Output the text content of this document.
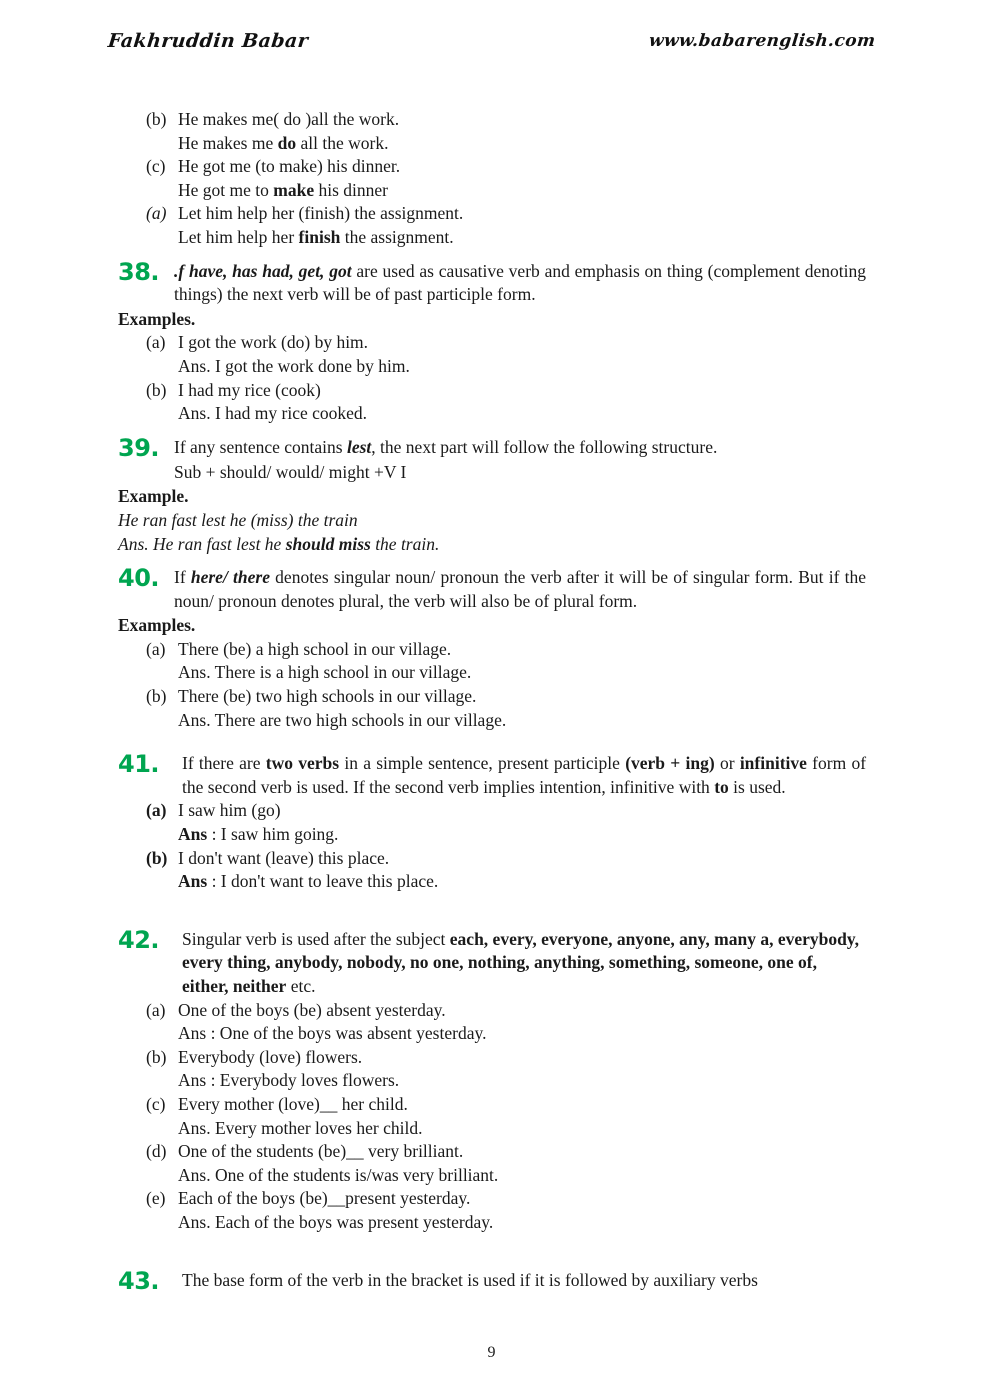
Fakhruddin Babar	www.babarenglish.com
(b) He makes me( do )all the work.
He makes me do all the work.
(c) He got me (to make) his dinner.
He got me to make his dinner
(a) Let him help her (finish) the assignment.
Let him help her finish the assignment.
38. .f have, has had, get, got are used as causative verb and emphasis on thing (complement denoting things) the next verb will be of past participle form.
Examples.
(a) I got the work (do) by him.
Ans. I got the work done by him.
(b) I had my rice (cook)
Ans. I had my rice cooked.
39. If any sentence contains lest, the next part will follow the following structure.
Sub + should/ would/ might +V I
Example.
He ran fast lest he (miss) the train
Ans. He ran fast lest he should miss the train.
40. If here/ there denotes singular noun/ pronoun the verb after it will be of singular form. But if the noun/ pronoun denotes plural, the verb will also be of plural form.
Examples.
(a) There (be) a high school in our village.
Ans. There is a high school in our village.
(b) There (be) two high schools in our village.
Ans. There are two high schools in our village.
41.	If there are two verbs in a simple sentence, present participle (verb + ing) or infinitive form of the second verb is used. If the second verb implies intention, infinitive with to is used.
(a) I saw him (go)
Ans : I saw him going.
(b) I don't want (leave) this place.
Ans : I don't want to leave this place.
42.	Singular verb is used after the subject each, every, everyone, anyone, any, many a, everybody, every thing, anybody, nobody, no one, nothing, anything, something, someone, one of, either, neither etc.
(a) One of the boys (be) absent yesterday.
Ans : One of the boys was absent yesterday.
(b) Everybody (love) flowers.
Ans : Everybody loves flowers.
(c) Every mother (love)__ her child.
Ans. Every mother loves her child.
(d) One of the students (be)__ very brilliant.
Ans. One of the students is/was very brilliant.
(e) Each of the boys (be)__present yesterday.
Ans. Each of the boys was present yesterday.
43.	The base form of the verb in the bracket is used if it is followed by auxiliary verbs
9
